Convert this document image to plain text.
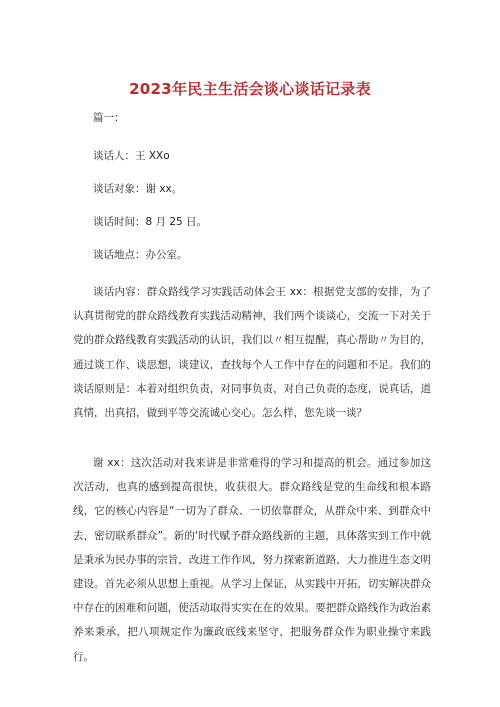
2023年民主生活会谈心谈话记录表
篇一：
谈话人：王 XXo
谈话对象：谢 xx。
谈话时间：8 月 25 日。
谈话地点：办公室。
谈话内容：群众路线学习实践活动体会王 xx：根据党支部的安排，为了认真贯彻党的群众路线教育实践活动精神，我们两个谈谈心，交流一下对关于党的群众路线教育实践活动的认识，我们以〃相互提醒，真心帮助〃为目的，通过谈工作、谈思想，谈建议，查找每个人工作中存在的问题和不足。我们的谈话原则是：本着对组织负责，对同事负责，对自己负责的态度，说真话，道真情，出真招，做到平等交流诚心交心。怎么样，您先谈一谈？
谢 xx：这次活动对我来讲是非常难得的学习和提高的机会。通过参加这次活动，也真的感到提高很快，收获很大。群众路线是党的生命线和根本路线，它的核心内容是“一切为了群众、一切依靠群众，从群众中来、到群众中去，密切联系群众”。新的‘时代赋予群众路线新的主题，具体落实到工作中就是秉承为民办事的宗旨，改进工作作风，努力探索新道路，大力推进生态文明建设。首先必须从思想上重视。从学习上保证，从实践中开拓，切实解决群众中存在的困难和问题，使活动取得实实在在的效果。要把群众路线作为政治素养来秉承，把八项规定作为廉政底线来坚守，把服务群众作为职业操守来践行。
